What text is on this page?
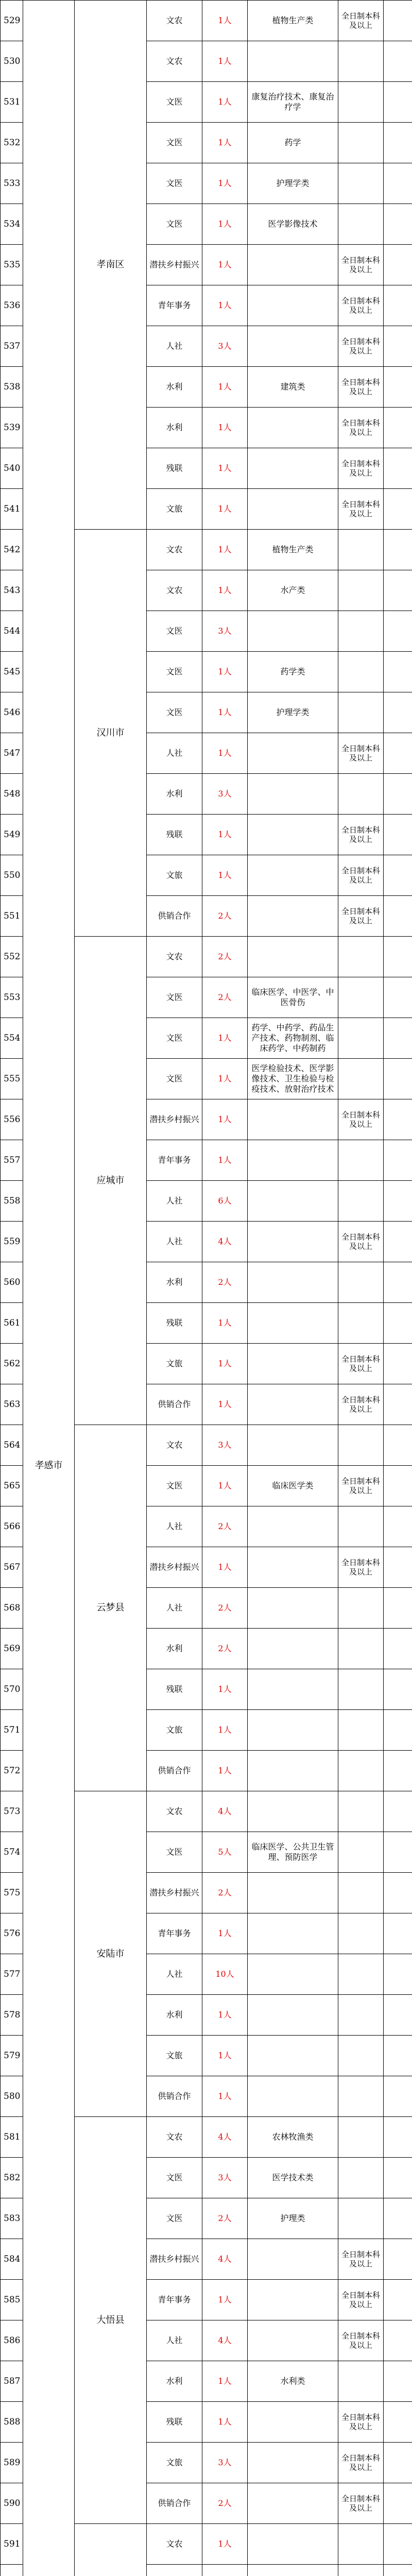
529	孝感市	孝南区	文农	1人	植物生产类	全日制本科及以上	
530			文农	1人			
531			文医	1人	康复治疗技术、康复治疗学		
532			文医	1人	药学		
533			文医	1人	护理学类		
534			文医	1人	医学影像技术		
535			潜扶乡村振兴	1人		全日制本科及以上	
536			青年事务	1人		全日制本科及以上	
537			人社	3人		全日制本科及以上	
538			水利	1人	建筑类	全日制本科及以上	
539			水利	1人		全日制本科及以上	
540			残联	1人		全日制本科及以上	
541			文旅	1人		全日制本科及以上	
542		汉川市	文农	1人	植物生产类		
543			文农	1人	水产类		
544			文医	3人			
545			文医	1人	药学类		
546			文医	1人	护理学类		
547			人社	1人		全日制本科及以上	
548			水利	3人			
549			残联	1人		全日制本科及以上	
550			文旅	1人		全日制本科及以上	
551			供销合作	2人		全日制本科及以上	
552		应城市	文农	2人			
553			文医	2人	临床医学、中医学、中医骨伤		
554			文医	1人	药学、中药学、药品生产技术、药物制剂、临床药学、中药制药		
555			文医	1人	医学检验技术、医学影像技术、卫生检验与检疫技术、放射治疗技术		
556			潜扶乡村振兴	1人		全日制本科及以上	
557			青年事务	1人			
558			人社	6人			
559			人社	4人		全日制本科及以上	
560			水利	2人			
561			残联	1人			
562			文旅	1人		全日制本科及以上	
563			供销合作	1人		全日制本科及以上	
564		云梦县	文农	3人			
565			文医	1人	临床医学类	全日制本科及以上	
566			人社	2人			
567			潜扶乡村振兴	1人		全日制本科及以上	
568			人社	2人			
569			水利	2人			
570			残联	1人			
571			文旅	1人			
572			供销合作	1人			
573		安陆市	文农	4人			
574			文医	5人	临床医学、公共卫生管理、预防医学		
575			潜扶乡村振兴	2人			
576			青年事务	1人			
577			人社	10人			
578			水利	1人			
579			文旅	1人			
580			供销合作	1人			
581		大悟县	文农	4人	农林牧渔类		
582			文医	3人	医学技术类		
583			文医	2人	护理类		
584			潜扶乡村振兴	4人		全日制本科及以上	
585			青年事务	1人		全日制本科及以上	
586			人社	4人		全日制本科及以上	
587			水利	1人	水利类		
588			残联	1人		全日制本科及以上	
589			文旅	3人		全日制本科及以上	
590			供销合作	2人		全日制本科及以上	
591			文农	1人			
